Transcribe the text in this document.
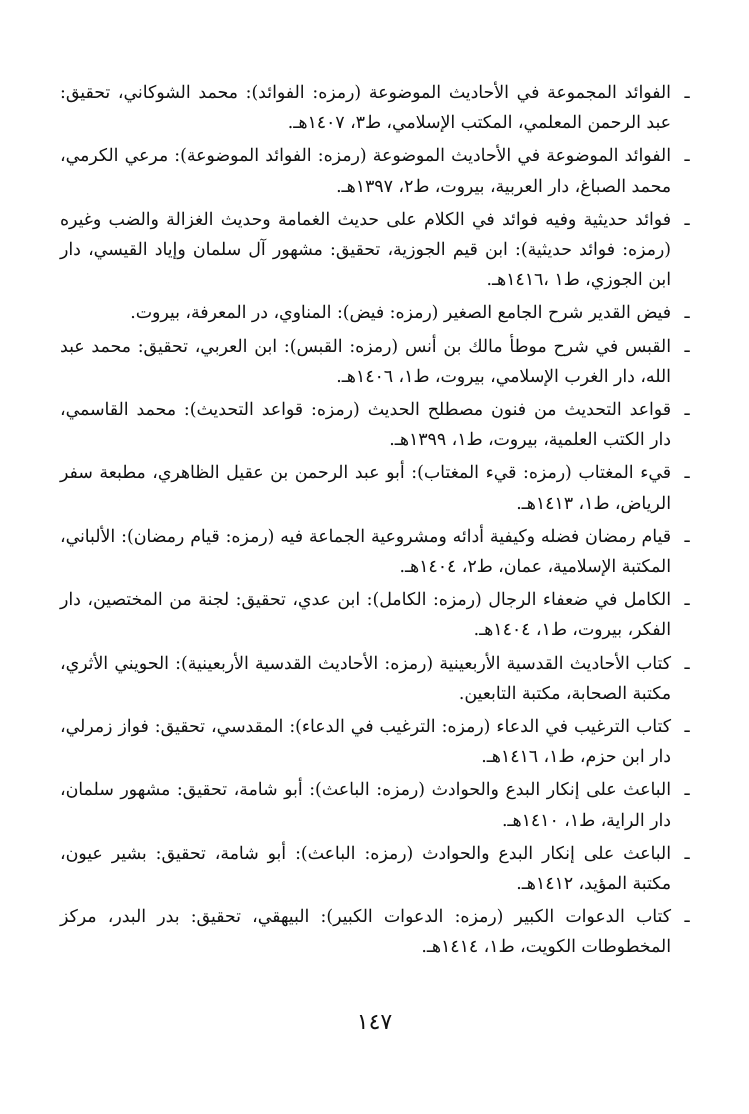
ـ
الفوائد المجموعة في الأحاديث الموضوعة (رمزه: الفوائد): محمد الشوكاني، تحقيق: عبد الرحمن المعلمي، المكتب الإسلامي، ط٣، ١٤٠٧هـ.
ـ
الفوائد الموضوعة في الأحاديث الموضوعة (رمزه: الفوائد الموضوعة): مرعي الكرمي، محمد الصباغ، دار العربية، بيروت، ط٢، ١٣٩٧هـ.
ـ
فوائد حديثية وفيه فوائد في الكلام على حديث الغمامة وحديث الغزالة والضب وغيره (رمزه: فوائد حديثية): ابن قيم الجوزية، تحقيق: مشهور آل سلمان وإياد القيسي، دار ابن الجوزي، ط١ ،١٤١٦هـ.
ـ
فيض القدير شرح الجامع الصغير (رمزه: فيض): المناوي، در المعرفة، بيروت.
ـ
القبس في شرح موطأ مالك بن أنس (رمزه: القبس): ابن العربي، تحقيق: محمد عبد الله، دار الغرب الإسلامي، بيروت، ط١، ١٤٠٦هـ.
ـ
قواعد التحديث من فنون مصطلح الحديث (رمزه: قواعد التحديث): محمد القاسمي، دار الكتب العلمية، بيروت، ط١، ١٣٩٩هـ.
ـ
قيء المغتاب (رمزه: قيء المغتاب): أبو عبد الرحمن بن عقيل الظاهري، مطبعة سفر الرياض، ط١، ١٤١٣هـ.
ـ
قيام رمضان فضله وكيفية أدائه ومشروعية الجماعة فيه (رمزه: قيام رمضان): الألباني، المكتبة الإسلامية، عمان، ط٢، ١٤٠٤هـ.
ـ
الكامل في ضعفاء الرجال (رمزه: الكامل): ابن عدي، تحقيق: لجنة من المختصين، دار الفكر، بيروت، ط١، ١٤٠٤هـ.
ـ
كتاب الأحاديث القدسية الأربعينية (رمزه: الأحاديث القدسية الأربعينية): الحويني الأثري، مكتبة الصحابة، مكتبة التابعين.
ـ
كتاب الترغيب في الدعاء (رمزه: الترغيب في الدعاء): المقدسي، تحقيق: فواز زمرلي، دار ابن حزم، ط١، ١٤١٦هـ.
ـ
الباعث على إنكار البدع والحوادث (رمزه: الباعث): أبو شامة، تحقيق: مشهور سلمان، دار الراية، ط١، ١٤١٠هـ.
ـ
الباعث على إنكار البدع والحوادث (رمزه: الباعث): أبو شامة، تحقيق: بشير عيون، مكتبة المؤيد، ١٤١٢هـ.
ـ
كتاب الدعوات الكبير (رمزه: الدعوات الكبير): البيهقي، تحقيق: بدر البدر، مركز المخطوطات الكويت، ط١، ١٤١٤هـ.
١٤٧
